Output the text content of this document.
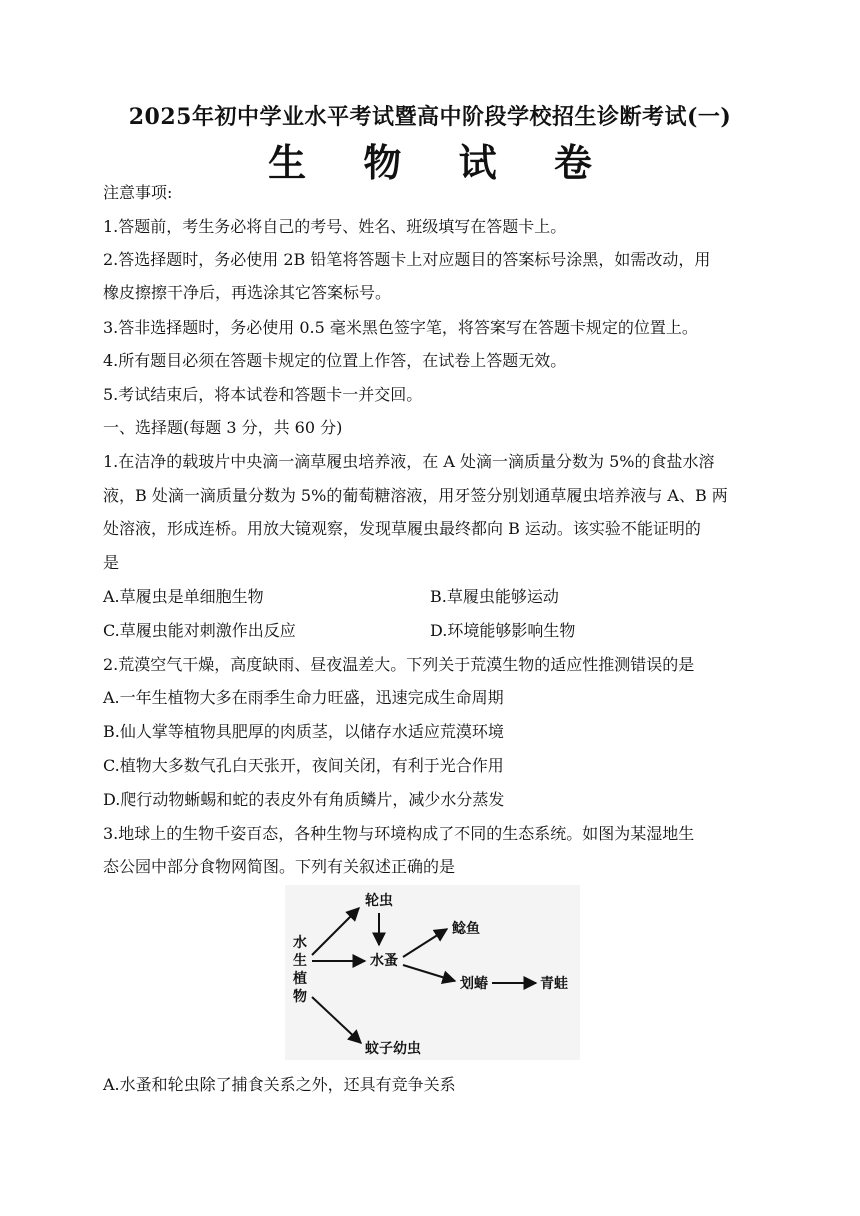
2025年初中学业水平考试暨高中阶段学校招生诊断考试(一)
生 物 试 卷
注意事项:
1.答题前，考生务必将自己的考号、姓名、班级填写在答题卡上。
2.答选择题时，务必使用 2B 铅笔将答题卡上对应题目的答案标号涂黑，如需改动，用
橡皮擦擦干净后，再选涂其它答案标号。
3.答非选择题时，务必使用 0.5 毫米黑色签字笔，将答案写在答题卡规定的位置上。
4.所有题目必须在答题卡规定的位置上作答，在试卷上答题无效。
5.考试结束后，将本试卷和答题卡一并交回。
一、选择题(每题 3 分，共 60 分)
1.在洁净的载玻片中央滴一滴草履虫培养液，在 A 处滴一滴质量分数为 5%的食盐水溶
液，B 处滴一滴质量分数为 5%的葡萄糖溶液，用牙签分别划通草履虫培养液与 A、B 两
处溶液，形成连桥。用放大镜观察，发现草履虫最终都向 B 运动。该实验不能证明的
是
A.草履虫是单细胞生物	B.草履虫能够运动
C.草履虫能对刺激作出反应	D.环境能够影响生物
2.荒漠空气干燥，高度缺雨、昼夜温差大。下列关于荒漠生物的适应性推测错误的是
A.一年生植物大多在雨季生命力旺盛，迅速完成生命周期
B.仙人掌等植物具肥厚的肉质茎，以储存水适应荒漠环境
C.植物大多数气孔白天张开，夜间关闭，有利于光合作用
D.爬行动物蜥蜴和蛇的表皮外有角质鳞片，减少水分蒸发
3.地球上的生物千姿百态，各种生物与环境构成了不同的生态系统。如图为某湿地生
态公园中部分食物网简图。下列有关叙述正确的是
水
生
植
物
轮虫
水蚤
鲶鱼
划蝽	青蛙
蚊子幼虫
A.水蚤和轮虫除了捕食关系之外，还具有竞争关系
